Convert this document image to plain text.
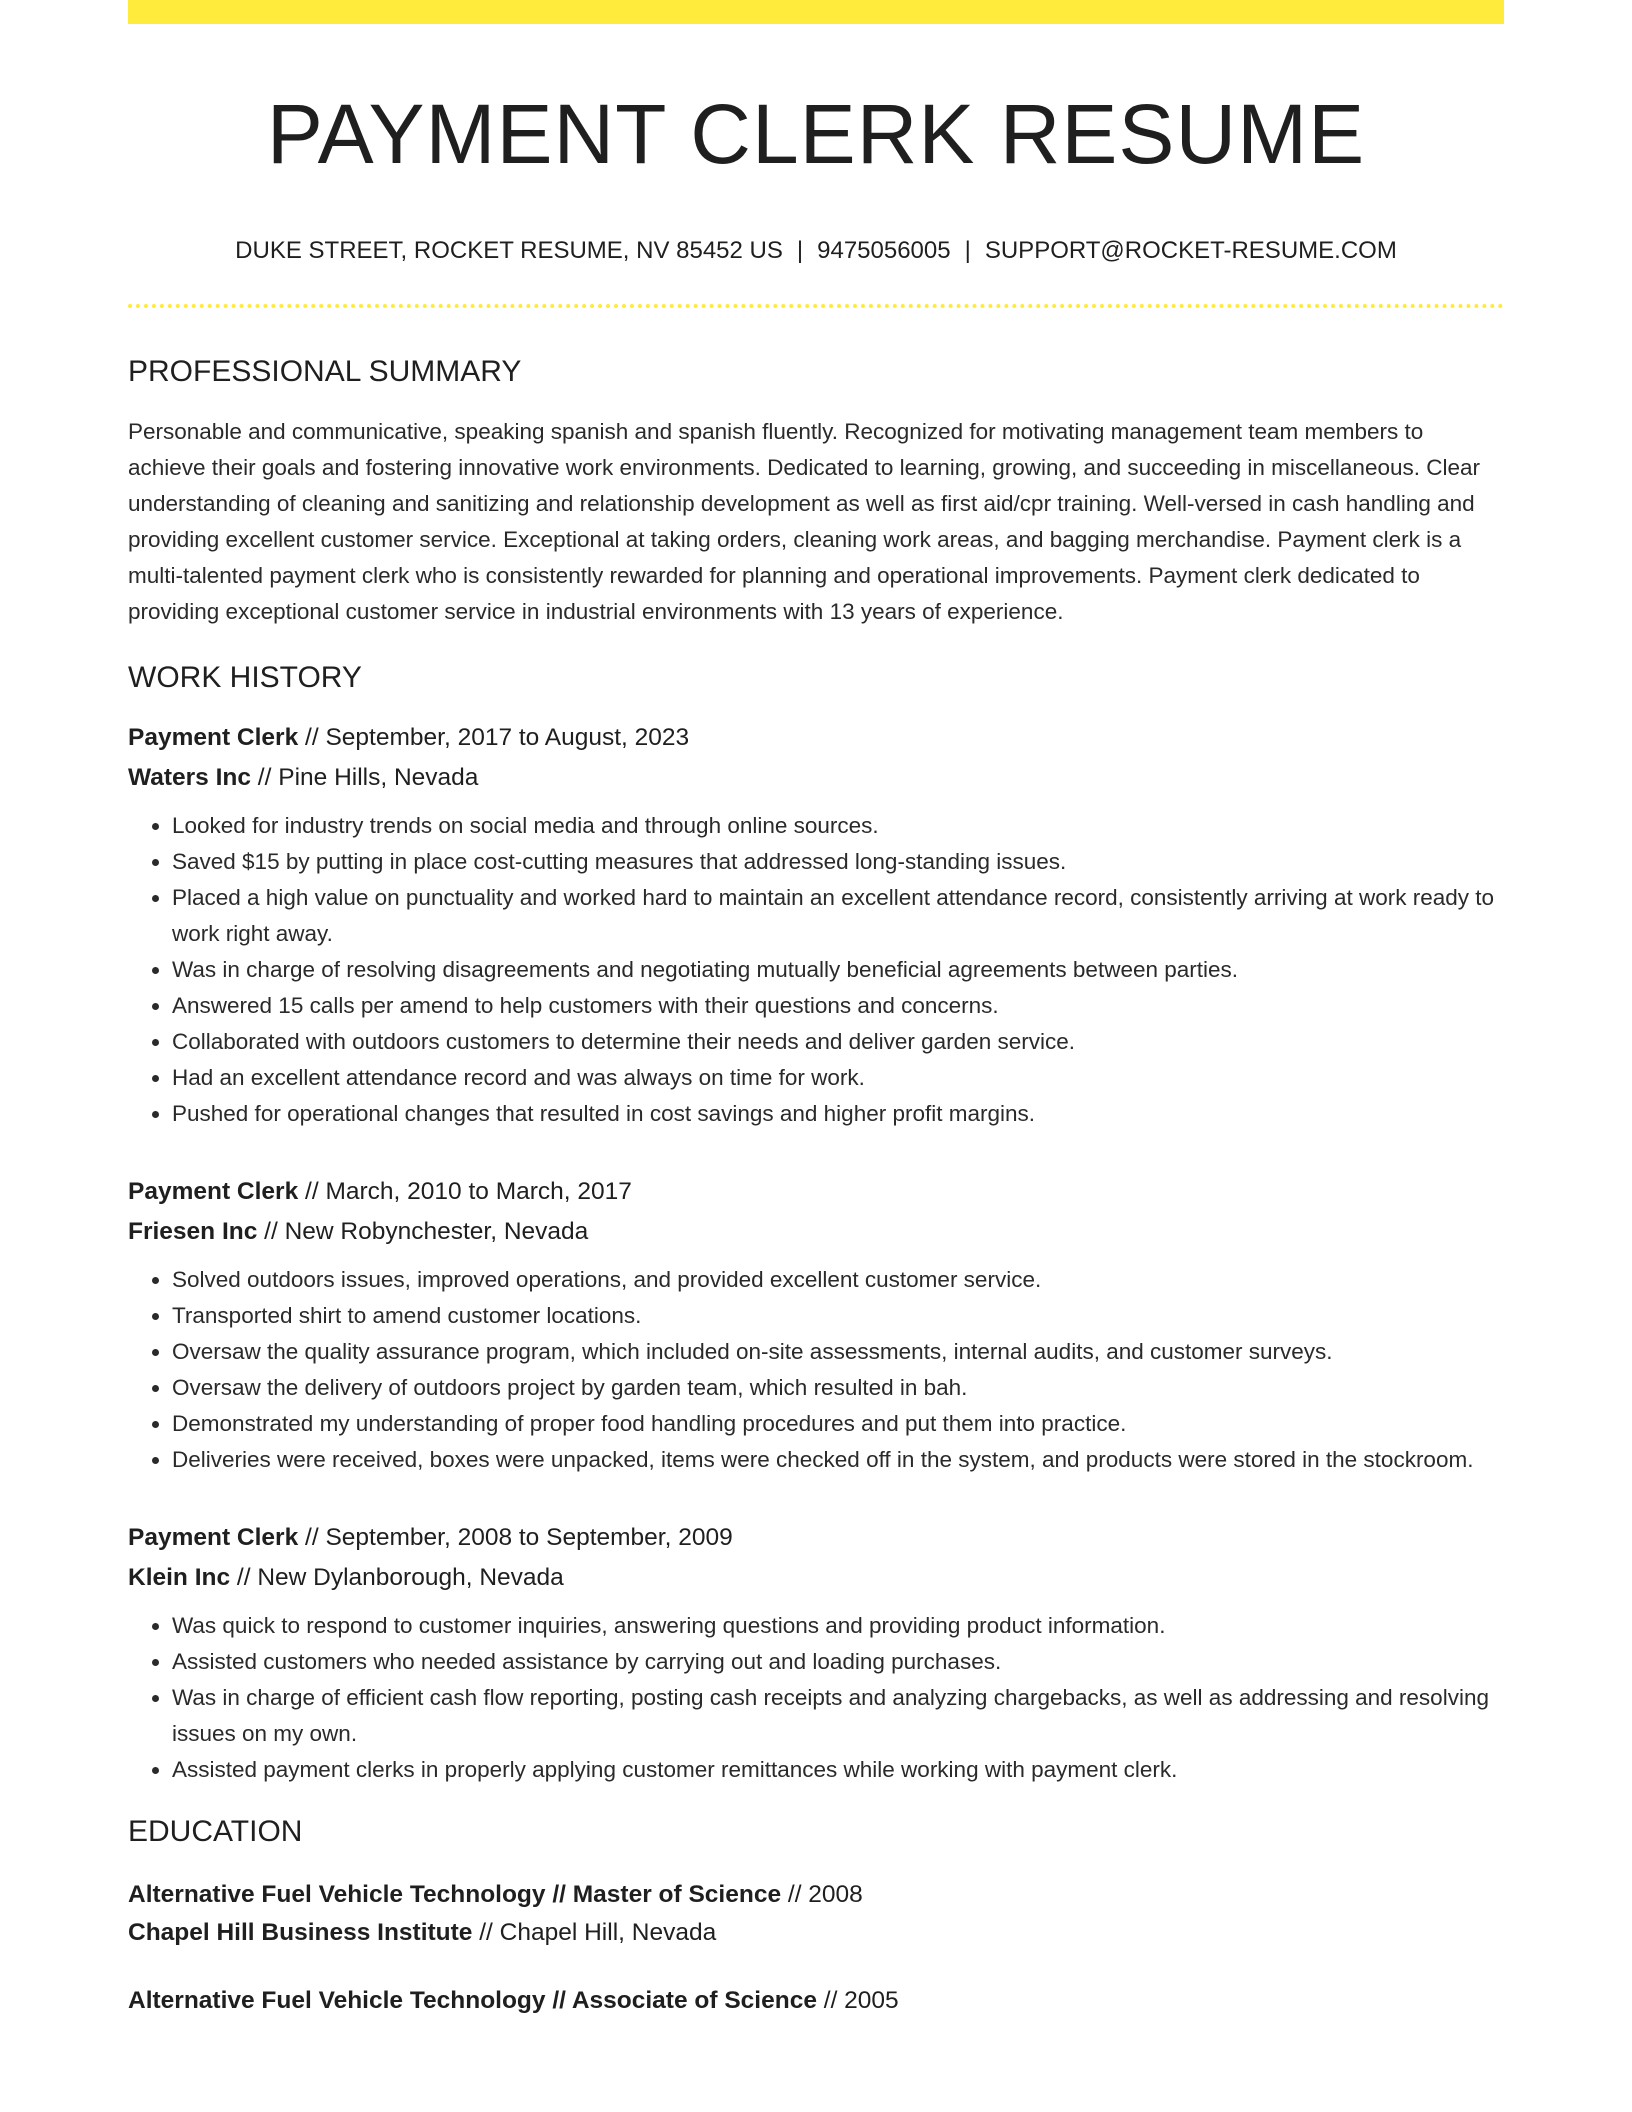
PAYMENT CLERK RESUME
DUKE STREET, ROCKET RESUME, NV 85452 US | 9475056005 | SUPPORT@ROCKET-RESUME.COM
PROFESSIONAL SUMMARY

Personable and communicative, speaking spanish and spanish fluently. Recognized for motivating management team members to achieve their goals and fostering innovative work environments. Dedicated to learning, growing, and succeeding in miscellaneous. Clear understanding of cleaning and sanitizing and relationship development as well as first aid/cpr training. Well-versed in cash handling and providing excellent customer service. Exceptional at taking orders, cleaning work areas, and bagging merchandise. Payment clerk is a multi-talented payment clerk who is consistently rewarded for planning and operational improvements. Payment clerk dedicated to providing exceptional customer service in industrial environments with 13 years of experience.

WORK HISTORY
Payment Clerk // September, 2017 to August, 2023
Waters Inc // Pine Hills, Nevada
• Looked for industry trends on social media and through online sources.
• Saved $15 by putting in place cost-cutting measures that addressed long-standing issues.
• Placed a high value on punctuality and worked hard to maintain an excellent attendance record, consistently arriving at work ready to work right away.
• Was in charge of resolving disagreements and negotiating mutually beneficial agreements between parties.
• Answered 15 calls per amend to help customers with their questions and concerns.
• Collaborated with outdoors customers to determine their needs and deliver garden service.
• Had an excellent attendance record and was always on time for work.
• Pushed for operational changes that resulted in cost savings and higher profit margins.
Payment Clerk // March, 2010 to March, 2017
Friesen Inc // New Robynchester, Nevada
• Solved outdoors issues, improved operations, and provided excellent customer service.
• Transported shirt to amend customer locations.
• Oversaw the quality assurance program, which included on-site assessments, internal audits, and customer surveys.
• Oversaw the delivery of outdoors project by garden team, which resulted in bah.
• Demonstrated my understanding of proper food handling procedures and put them into practice.
• Deliveries were received, boxes were unpacked, items were checked off in the system, and products were stored in the stockroom.
Payment Clerk // September, 2008 to September, 2009
Klein Inc // New Dylanborough, Nevada
• Was quick to respond to customer inquiries, answering questions and providing product information.
• Assisted customers who needed assistance by carrying out and loading purchases.
• Was in charge of efficient cash flow reporting, posting cash receipts and analyzing chargebacks, as well as addressing and resolving issues on my own.
• Assisted payment clerks in properly applying customer remittances while working with payment clerk.
EDUCATION
Alternative Fuel Vehicle Technology // Master of Science // 2008
Chapel Hill Business Institute // Chapel Hill, Nevada
Alternative Fuel Vehicle Technology // Associate of Science // 2005
